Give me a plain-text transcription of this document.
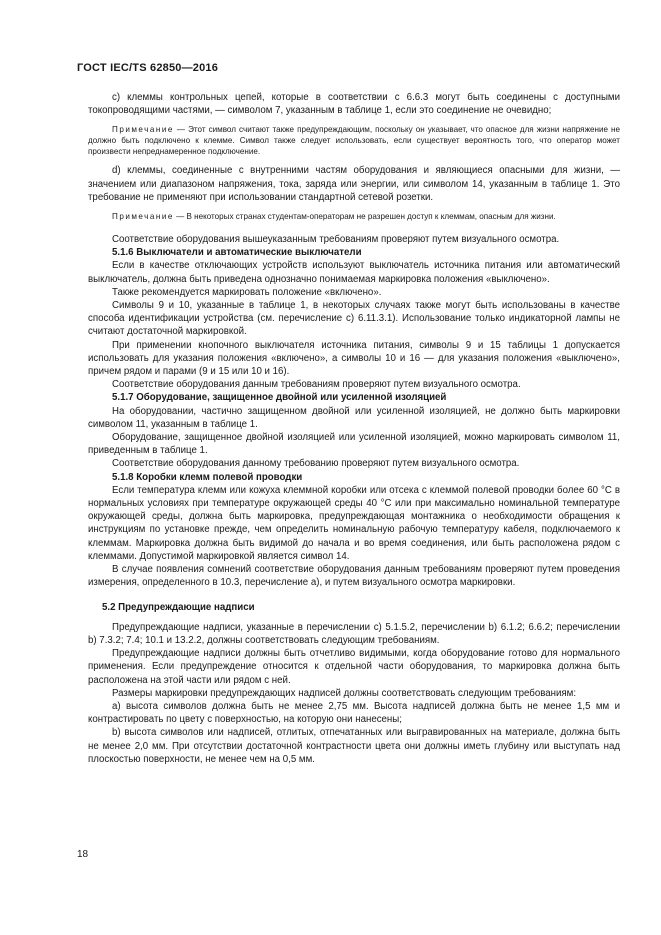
ГОСТ IEC/TS 62850—2016

c) клеммы контрольных цепей, которые в соответствии с 6.6.3 могут быть соединены с доступными токопроводящими частями, — символом 7, указанным в таблице 1, если это соединение не очевидно;

Примечание — Этот символ считают также предупреждающим, поскольку он указывает, что опасное для жизни напряжение не должно быть подключено к клемме. Символ также следует использовать, если существует вероятность того, что оператор может произвести непреднамеренное подключение.

d) клеммы, соединенные с внутренними частям оборудования и являющиеся опасными для жизни, — значением или диапазоном напряжения, тока, заряда или энергии, или символом 14, указанным в таблице 1. Это требование не применяют при использовании стандартной сетевой розетки.

Примечание — В некоторых странах студентам-операторам не разрешен доступ к клеммам, опасным для жизни.

Соответствие оборудования вышеуказанным требованиям проверяют путем визуального осмотра.

5.1.6 Выключатели и автоматические выключатели

Если в качестве отключающих устройств используют выключатель источника питания или автоматический выключатель, должна быть приведена однозначно понимаемая маркировка положения «выключено».

Также рекомендуется маркировать положение «включено».

Символы 9 и 10, указанные в таблице 1, в некоторых случаях также могут быть использованы в качестве способа идентификации устройства (см. перечисление с) 6.11.3.1). Использование только индикаторной лампы не считают достаточной маркировкой.

При применении кнопочного выключателя источника питания, символы 9 и 15 таблицы 1 допускается использовать для указания положения «включено», а символы 10 и 16 — для указания положения «выключено», причем рядом и парами (9 и 15 или 10 и 16).

Соответствие оборудования данным требованиям проверяют путем визуального осмотра.

5.1.7 Оборудование, защищенное двойной или усиленной изоляцией

На оборудовании, частично защищенном двойной или усиленной изоляцией, не должно быть маркировки символом 11, указанным в таблице 1.

Оборудование, защищенное двойной изоляцией или усиленной изоляцией, можно маркировать символом 11, приведенным в таблице 1.

Соответствие оборудования данному требованию проверяют путем визуального осмотра.

5.1.8 Коробки клемм полевой проводки

Если температура клемм или кожуха клеммной коробки или отсека с клеммой полевой проводки более 60 °С в нормальных условиях при температуре окружающей среды 40 °С или при максимально номинальной температуре окружающей среды, должна быть маркировка, предупреждающая монтажника о необходимости обращения к инструкциям по установке прежде, чем определить номинальную рабочую температуру кабеля, подключаемого к клеммам. Маркировка должна быть видимой до начала и во время соединения, или быть расположена рядом с клеммами. Допустимой маркировкой является символ 14.

В случае появления сомнений соответствие оборудования данным требованиям проверяют путем проведения измерения, определенного в 10.3, перечисление а), и путем визуального осмотра маркировки.

5.2 Предупреждающие надписи

Предупреждающие надписи, указанные в перечислении с) 5.1.5.2, перечислении b) 6.1.2; 6.6.2; перечислении b) 7.3.2; 7.4; 10.1 и 13.2.2, должны соответствовать следующим требованиям.

Предупреждающие надписи должны быть отчетливо видимыми, когда оборудование готово для нормального применения. Если предупреждение относится к отдельной части оборудования, то маркировка должна быть расположена на этой части или рядом с ней.

Размеры маркировки предупреждающих надписей должны соответствовать следующим требованиям:

a) высота символов должна быть не менее 2,75 мм. Высота надписей должна быть не менее 1,5 мм и контрастировать по цвету с поверхностью, на которую они нанесены;

b) высота символов или надписей, отлитых, отпечатанных или выгравированных на материале, должна быть не менее 2,0 мм. При отсутствии достаточной контрастности цвета они должны иметь глубину или выступать над плоскостью поверхности, не менее чем на 0,5 мм.

18
